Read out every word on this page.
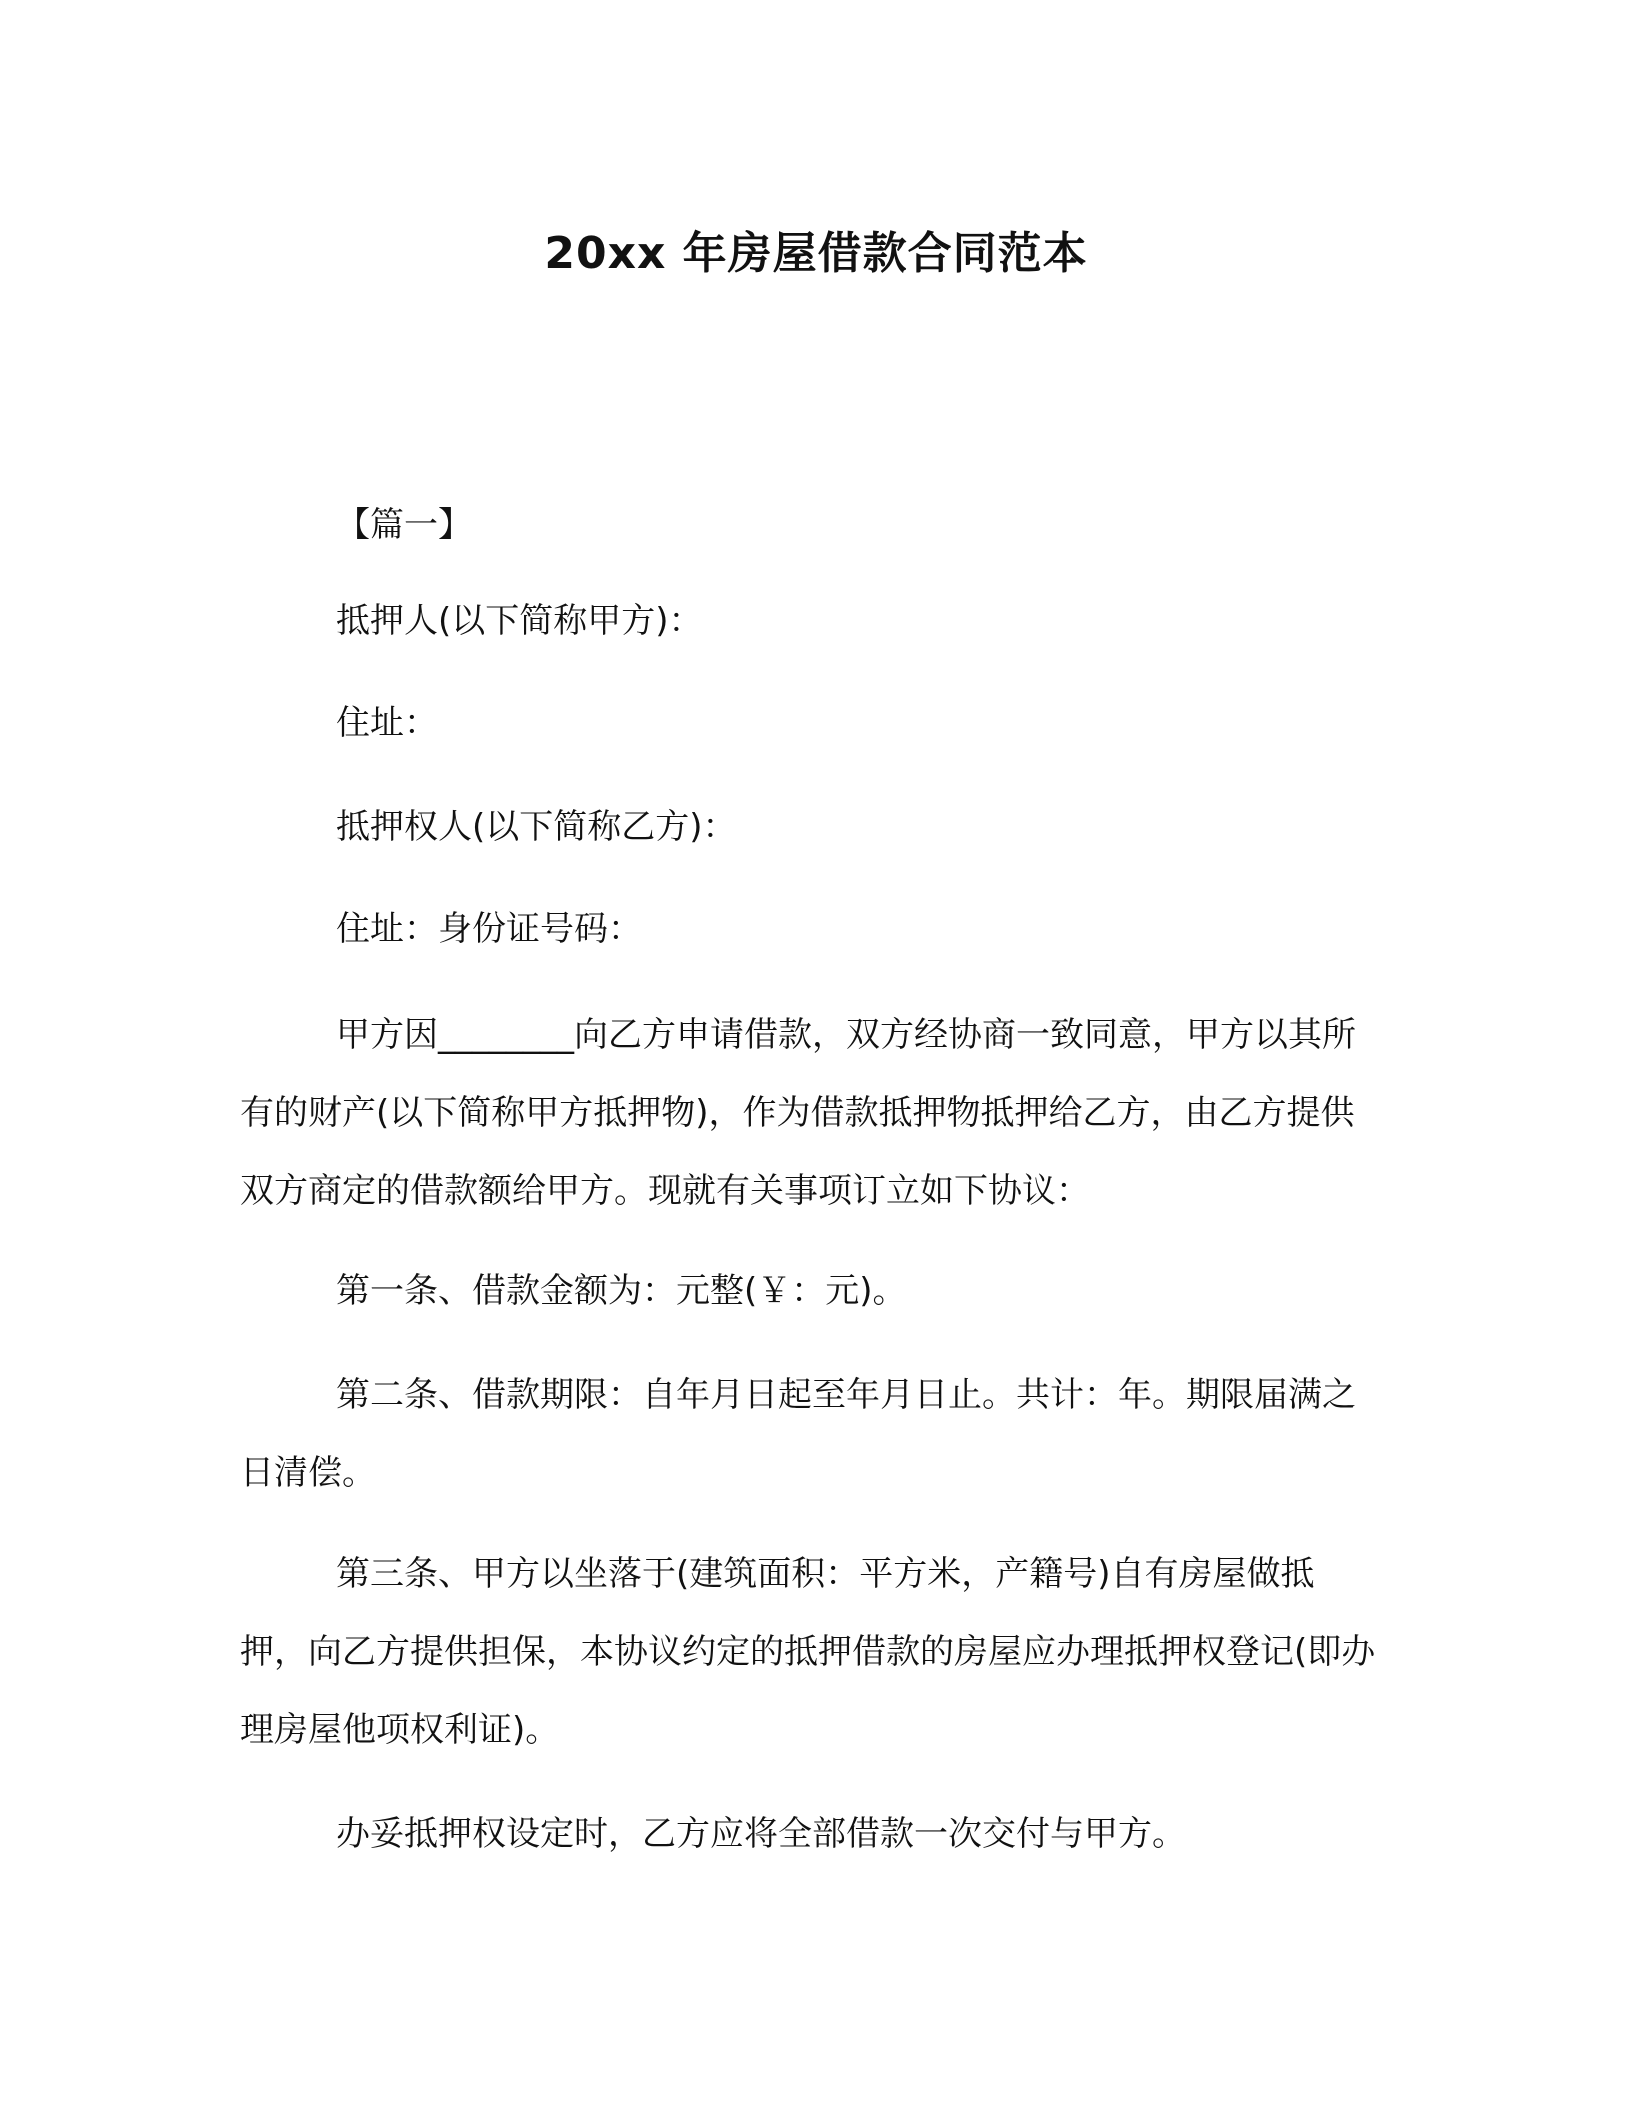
20xx 年房屋借款合同范本

【篇一】

抵押人(以下简称甲方)：

住址：

抵押权人(以下简称乙方)：

住址：身份证号码：

甲方因________向乙方申请借款，双方经协商一致同意，甲方以其所有的财产(以下简称甲方抵押物)，作为借款抵押物抵押给乙方，由乙方提供双方商定的借款额给甲方。现就有关事项订立如下协议：

第一条、借款金额为：元整(￥：元)。

第二条、借款期限：自年月日起至年月日止。共计：年。期限届满之日清偿。

第三条、甲方以坐落于(建筑面积：平方米，产籍号)自有房屋做抵押，向乙方提供担保，本协议约定的抵押借款的房屋应办理抵押权登记(即办理房屋他项权利证)。

办妥抵押权设定时，乙方应将全部借款一次交付与甲方。
